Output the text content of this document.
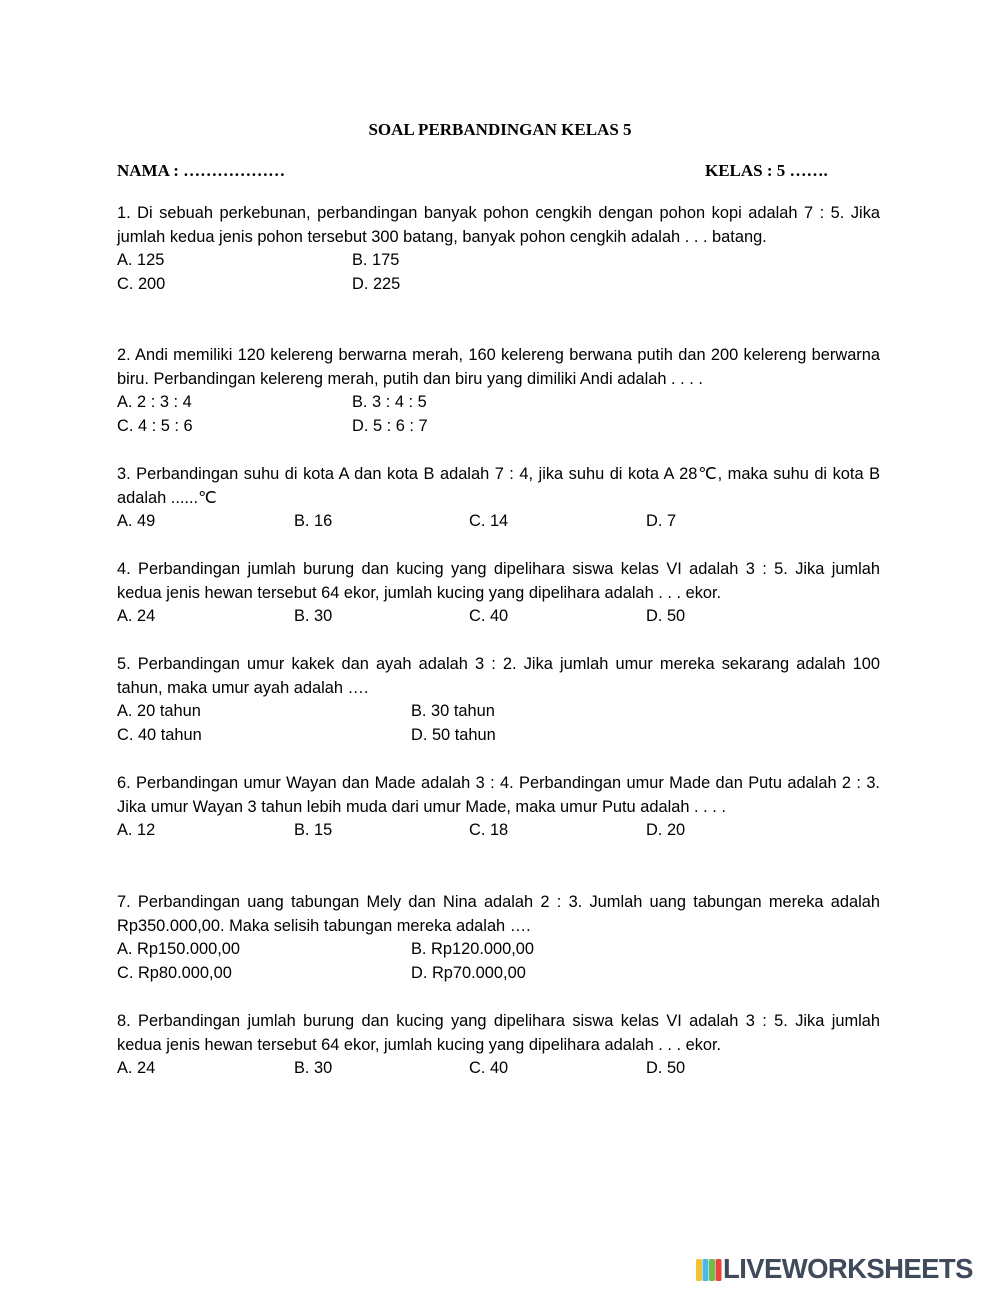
SOAL PERBANDINGAN KELAS 5
NAMA : ………………	KELAS : 5 …….
1. Di sebuah perkebunan, perbandingan banyak pohon cengkih dengan pohon kopi adalah 7 : 5. Jika jumlah kedua jenis pohon tersebut 300 batang, banyak pohon cengkih adalah . . . batang.
A. 125	B. 175
C. 200	D. 225
2. Andi memiliki 120 kelereng berwarna merah, 160 kelereng berwana putih dan 200 kelereng berwarna biru. Perbandingan kelereng merah, putih dan biru yang dimiliki Andi adalah . . . .
A. 2 : 3 : 4	B. 3 : 4 : 5
C. 4 : 5 : 6	D. 5 : 6 : 7
3. Perbandingan suhu di kota A dan kota B adalah 7 : 4, jika suhu di kota A 28℃, maka suhu di kota B adalah ......℃
A. 49	B. 16	C. 14	D. 7
4. Perbandingan jumlah burung dan kucing yang dipelihara siswa kelas VI adalah 3 : 5. Jika jumlah kedua jenis hewan tersebut 64 ekor, jumlah kucing yang dipelihara adalah . . . ekor.
A. 24	B. 30	C. 40	D. 50
5. Perbandingan umur kakek dan ayah adalah 3 : 2. Jika jumlah umur mereka sekarang adalah 100 tahun, maka umur ayah adalah ….
A. 20 tahun	B. 30 tahun
C. 40 tahun	D. 50 tahun
6. Perbandingan umur Wayan dan Made adalah 3 : 4. Perbandingan umur Made dan Putu adalah 2 : 3. Jika umur Wayan 3 tahun lebih muda dari umur Made, maka umur Putu adalah . . . .
A. 12	B. 15	C. 18	D. 20
7. Perbandingan uang tabungan Mely dan Nina adalah 2 : 3. Jumlah uang tabungan mereka adalah Rp350.000,00. Maka selisih tabungan mereka adalah ….
A. Rp150.000,00	B. Rp120.000,00
C. Rp80.000,00	D. Rp70.000,00
8. Perbandingan jumlah burung dan kucing yang dipelihara siswa kelas VI adalah 3 : 5. Jika jumlah kedua jenis hewan tersebut 64 ekor, jumlah kucing yang dipelihara adalah . . . ekor.
A. 24	B. 30	C. 40	D. 50
LIVEWORKSHEETS
